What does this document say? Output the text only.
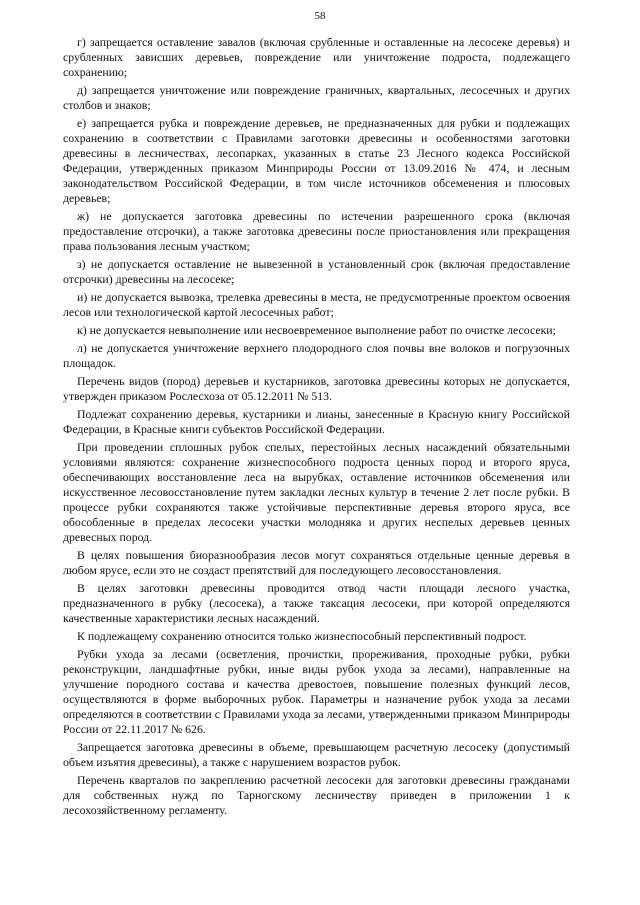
58

г) запрещается оставление завалов (включая срубленные и оставленные на лесосеке деревья) и срубленных зависших деревьев, повреждение или уничтожение подроста, подлежащего сохранению;

д) запрещается уничтожение или повреждение граничных, квартальных, лесосечных и других столбов и знаков;

е) запрещается рубка и повреждение деревьев, не предназначенных для рубки и подлежащих сохранению в соответствии с Правилами заготовки древесины и особенностями заготовки древесины в лесничествах, лесопарках, указанных в статье 23 Лесного кодекса Российской Федерации, утвержденных приказом Минприроды России от 13.09.2016 № 474, и лесным законодательством Российской Федерации, в том числе источников обсеменения и плюсовых деревьев;

ж) не допускается заготовка древесины по истечении разрешенного срока (включая предоставление отсрочки), а также заготовка древесины после приостановления или прекращения права пользования лесным участком;

з) не допускается оставление не вывезенной в установленный срок (включая предоставление отсрочки) древесины на лесосеке;

и) не допускается вывозка, трелевка древесины в места, не предусмотренные проектом освоения лесов или технологической картой лесосечных работ;

к) не допускается невыполнение или несвоевременное выполнение работ по очистке лесосеки;

л) не допускается уничтожение верхнего плодородного слоя почвы вне волоков и погрузочных площадок.

Перечень видов (пород) деревьев и кустарников, заготовка древесины которых не допускается, утвержден приказом Рослесхоза от 05.12.2011 № 513.

Подлежат сохранению деревья, кустарники и лианы, занесенные в Красную книгу Российской Федерации, в Красные книги субъектов Российской Федерации.

При проведении сплошных рубок спелых, перестойных лесных насаждений обязательными условиями являются: сохранение жизнеспособного подроста ценных пород и второго яруса, обеспечивающих восстановление леса на вырубках, оставление источников обсеменения или искусственное лесовосстановление путем закладки лесных культур в течение 2 лет после рубки. В процессе рубки сохраняются также устойчивые перспективные деревья второго яруса, все обособленные в пределах лесосеки участки молодняка и других неспелых деревьев ценных древесных пород.

В целях повышения биоразнообразия лесов могут сохраняться отдельные ценные деревья в любом ярусе, если это не создаст препятствий для последующего лесовосстановления.

В целях заготовки древесины проводится отвод части площади лесного участка, предназначенного в рубку (лесосека), а также таксация лесосеки, при которой определяются качественные характеристики лесных насаждений.

К подлежащему сохранению относится только жизнеспособный перспективный подрост.

Рубки ухода за лесами (осветления, прочистки, прореживания, проходные рубки, рубки реконструкции, ландшафтные рубки, иные виды рубок ухода за лесами), направленные на улучшение породного состава и качества древостоев, повышение полезных функций лесов, осуществляются в форме выборочных рубок. Параметры и назначение рубок ухода за лесами определяются в соответствии с Правилами ухода за лесами, утвержденными приказом Минприроды России от 22.11.2017 № 626.

Запрещается заготовка древесины в объеме, превышающем расчетную лесосеку (допустимый объем изъятия древесины), а также с нарушением возрастов рубок.

Перечень кварталов по закреплению расчетной лесосеки для заготовки древесины гражданами для собственных нужд по Тарногскому лесничеству приведен в приложении 1 к лесохозяйственному регламенту.
